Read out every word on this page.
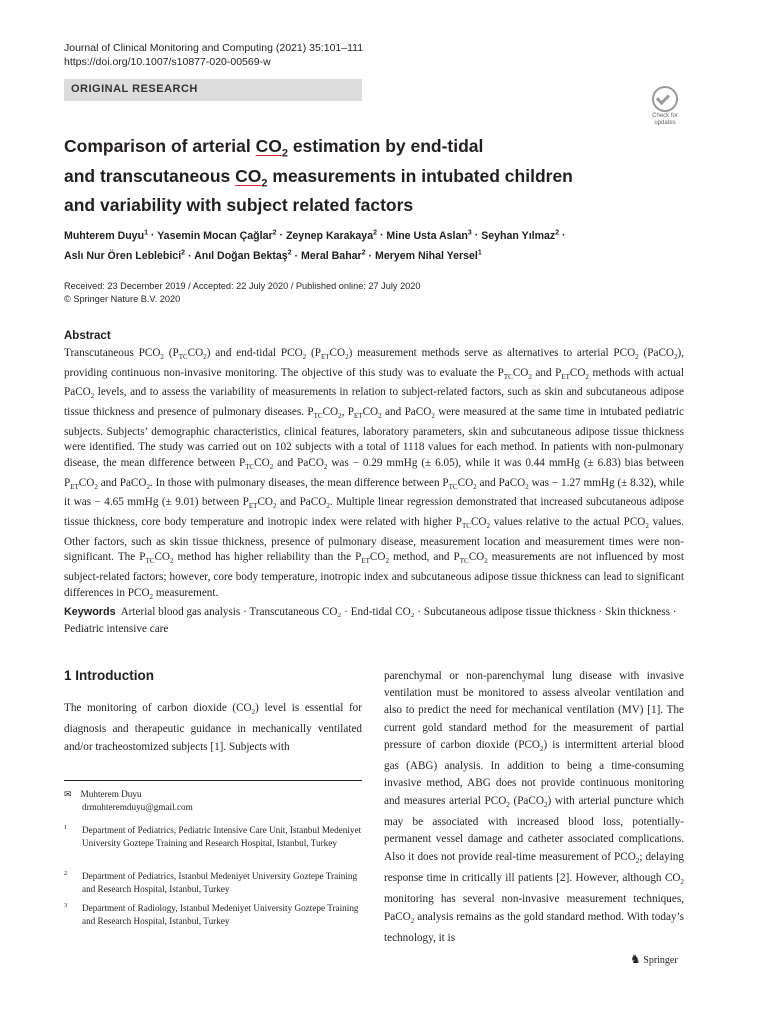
Journal of Clinical Monitoring and Computing (2021) 35:101–111
https://doi.org/10.1007/s10877-020-00569-w
ORIGINAL RESEARCH
Check for
updates
Comparison of arterial $CO_2$ estimation by end-tidal
and transcutaneous $CO_2$ measurements in intubated children
and variability with subject related factors
Muhterem Duyu$^1$ · Yasemin Mocan Çağlar$^2$ · Zeynep Karakaya$^2$ · Mine Usta Aslan$^3$ · Seyhan Yılmaz$^2$ ·
Aslı Nur Ören Leblebici$^2$ · Anıl Doğan Bektaş$^2$ · Meral Bahar$^2$ · Meryem Nihal Yersel$^1$
Received: 23 December 2019 / Accepted: 22 July 2020 / Published online: 27 July 2020
© Springer Nature B.V. 2020
Abstract
Transcutaneous $PCO_2$ $(P_{TC}CO_2)$ and end-tidal $PCO_2$ $(P_{ET}CO_2)$ measurement methods serve as alternatives to arterial $PCO_2$ (PaCO$_2$), providing continuous non-invasive monitoring. The objective of this study was to evaluate the $P_{TC}CO_2$ and $P_{ET}CO_2$ methods with actual PaCO$_2$ levels, and to assess the variability of measurements in relation to subject-related factors, such as skin and subcutaneous adipose tissue thickness and presence of pulmonary diseases. $P_{TC}CO_2$, $P_{ET}CO_2$ and PaCO$_2$ were measured at the same time in intubated pediatric subjects. Subjects’ demographic characteristics, clinical features, laboratory parameters, skin and subcutaneous adipose tissue thickness were identified. The study was carried out on 102 subjects with a total of 1118 values for each method. In patients with non-pulmonary disease, the mean difference between $P_{TC}CO_2$ and PaCO$_2$ was − 0.29 mmHg (± 6.05), while it was 0.44 mmHg (± 6.83) bias between $P_{ET}CO_2$ and PaCO$_2$. In those with pulmonary diseases, the mean difference between $P_{TC}CO_2$ and PaCO$_2$ was − 1.27 mmHg (± 8.32), while it was − 4.65 mmHg (± 9.01) between $P_{ET}CO_2$ and PaCO$_2$. Multiple linear regression demonstrated that increased subcutaneous adipose tissue thickness, core body temperature and inotropic index were related with higher $P_{TC}CO_2$ values relative to the actual $PCO_2$ values. Other factors, such as skin tissue thickness, presence of pulmonary disease, measurement location and measurement times were non-significant. The $P_{TC}CO_2$ method has higher reliability than the $P_{ET}CO_2$ method, and $P_{TC}CO_2$ measurements are not influenced by most subject-related factors; however, core body temperature, inotropic index and subcutaneous adipose tissue thickness can lead to significant differences in $PCO_2$ measurement.
Keywords Arterial blood gas analysis · Transcutaneous CO₂ · End-tidal CO₂ · Subcutaneous adipose tissue thickness · Skin thickness · Pediatric intensive care
1 Introduction
The monitoring of carbon dioxide $(CO_2)$ level is essential for diagnosis and therapeutic guidance in mechanically ventilated and/or tracheostomized subjects [1]. Subjects with
✉ Muhterem Duyu
drmuhteremduyu@gmail.com
1 Department of Pediatrics, Pediatric Intensive Care Unit, Istanbul Medeniyet University Goztepe Training and Research Hospital, Istanbul, Turkey
2 Department of Pediatrics, Istanbul Medeniyet University Goztepe Training and Research Hospital, Istanbul, Turkey
3 Department of Radiology, Istanbul Medeniyet University Goztepe Training and Research Hospital, Istanbul, Turkey
parenchymal or non-parenchymal lung disease with invasive ventilation must be monitored to assess alveolar ventilation and also to predict the need for mechanical ventilation (MV) [1]. The current gold standard method for the measurement of partial pressure of carbon dioxide $(PCO_2)$ is intermittent arterial blood gas (ABG) analysis. In addition to being a time-consuming invasive method, ABG does not provide continuous monitoring and measures arterial $PCO_2$ (PaCO$_2$) with arterial puncture which may be associated with increased blood loss, potentially-permanent vessel damage and catheter associated complications. Also it does not provide real-time measurement of $PCO_2$; delaying response time in critically ill patients [2]. However, although $CO_2$ monitoring has several non-invasive measurement techniques, PaCO$_2$ analysis remains as the gold standard method. With today’s technology, it is
♞ Springer
